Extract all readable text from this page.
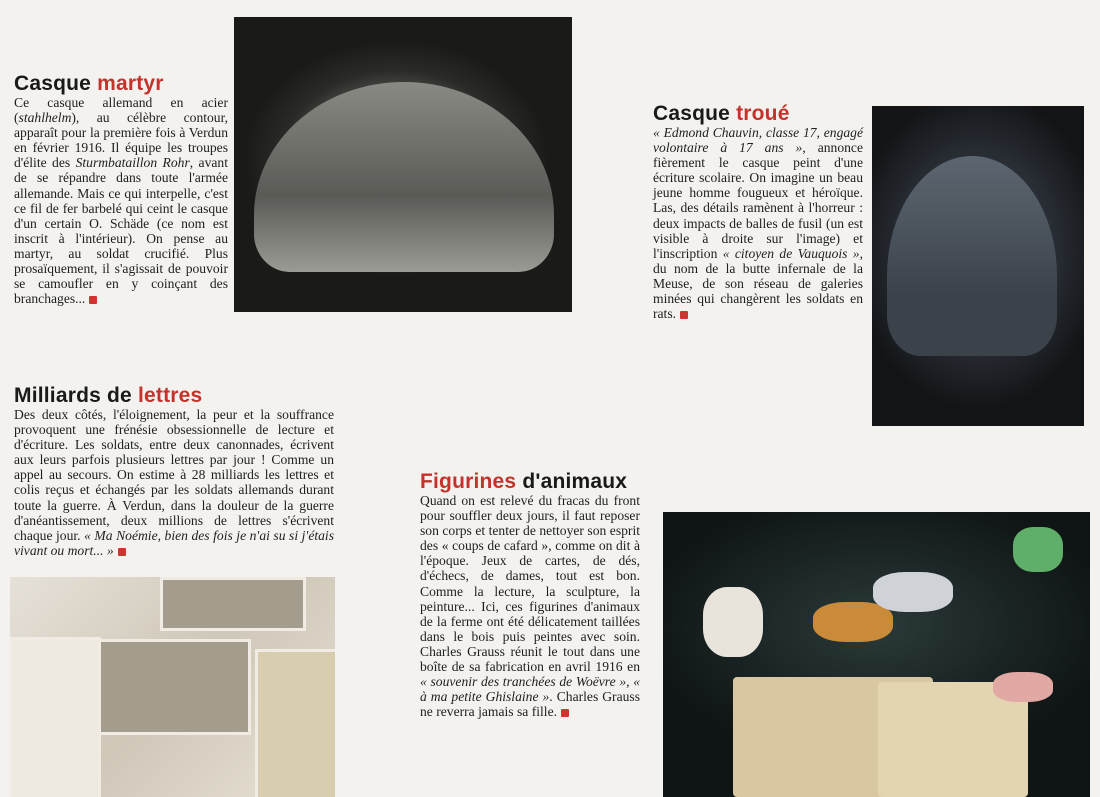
Casque martyr
Ce casque allemand en acier (stahlhelm), au célèbre contour, apparaît pour la première fois à Verdun en février 1916. Il équipe les troupes d'élite des Sturmbataillon Rohr, avant de se répandre dans toute l'armée allemande. Mais ce qui interpelle, c'est ce fil de fer barbelé qui ceint le casque d'un certain O. Schäde (ce nom est inscrit à l'intérieur). On pense au martyr, au soldat crucifié. Plus prosaïquement, il s'agissait de pouvoir se camoufler en y coinçant des branchages...
Casque troué
« Edmond Chauvin, classe 17, engagé volontaire à 17 ans », annonce fièrement le casque peint d'une écriture scolaire. On imagine un beau jeune homme fougueux et héroïque. Las, des détails ramènent à l'horreur : deux impacts de balles de fusil (un est visible à droite sur l'image) et l'inscription « citoyen de Vauquois », du nom de la butte infernale de la Meuse, de son réseau de galeries minées qui changèrent les soldats en rats.
Milliards de lettres
Des deux côtés, l'éloignement, la peur et la souffrance provoquent une frénésie obsessionnelle de lecture et d'écriture. Les soldats, entre deux canonnades, écrivent aux leurs parfois plusieurs lettres par jour ! Comme un appel au secours. On estime à 28 milliards les lettres et colis reçus et échangés par les soldats allemands durant toute la guerre. À Verdun, dans la douleur de la guerre d'anéantissement, deux millions de lettres s'écrivent chaque jour. « Ma Noémie, bien des fois je n'ai su si j'étais vivant ou mort... »
Figurines d'animaux
Quand on est relevé du fracas du front pour souffler deux jours, il faut reposer son corps et tenter de nettoyer son esprit des « coups de cafard », comme on dit à l'époque. Jeux de cartes, de dés, d'échecs, de dames, tout est bon. Comme la lecture, la sculpture, la peinture... Ici, ces figurines d'animaux de la ferme ont été délicatement taillées dans le bois puis peintes avec soin. Charles Grauss réunit le tout dans une boîte de sa fabrication en avril 1916 en « souvenir des tranchées de Woëvre », « à ma petite Ghislaine ». Charles Grauss ne reverra jamais sa fille.
